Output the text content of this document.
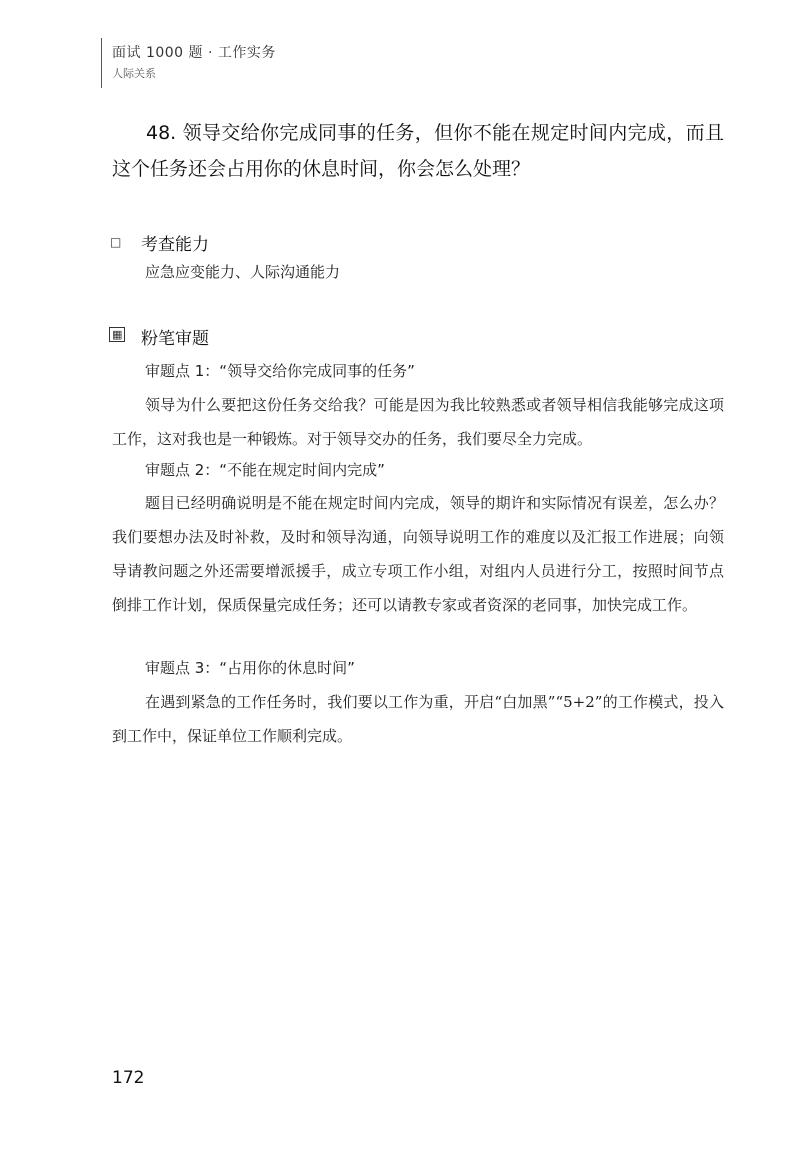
面试 1000 题 · 工作实务
人际关系
48. 领导交给你完成同事的任务，但你不能在规定时间内完成，而且这个任务还会占用你的休息时间，你会怎么处理？
□ 考查能力
应急应变能力、人际沟通能力
▦ 粉笔审题
审题点 1：“领导交给你完成同事的任务”
领导为什么要把这份任务交给我？可能是因为我比较熟悉或者领导相信我能够完成这项工作，这对我也是一种锻炼。对于领导交办的任务，我们要尽全力完成。
审题点 2：“不能在规定时间内完成”
题目已经明确说明是不能在规定时间内完成，领导的期许和实际情况有误差，怎么办？我们要想办法及时补救，及时和领导沟通，向领导说明工作的难度以及汇报工作进展；向领导请教问题之外还需要增派援手，成立专项工作小组，对组内人员进行分工，按照时间节点倒排工作计划，保质保量完成任务；还可以请教专家或者资深的老同事，加快完成工作。
审题点 3：“占用你的休息时间”
在遇到紧急的工作任务时，我们要以工作为重，开启“白加黑”“5+2”的工作模式，投入到工作中，保证单位工作顺利完成。
172
